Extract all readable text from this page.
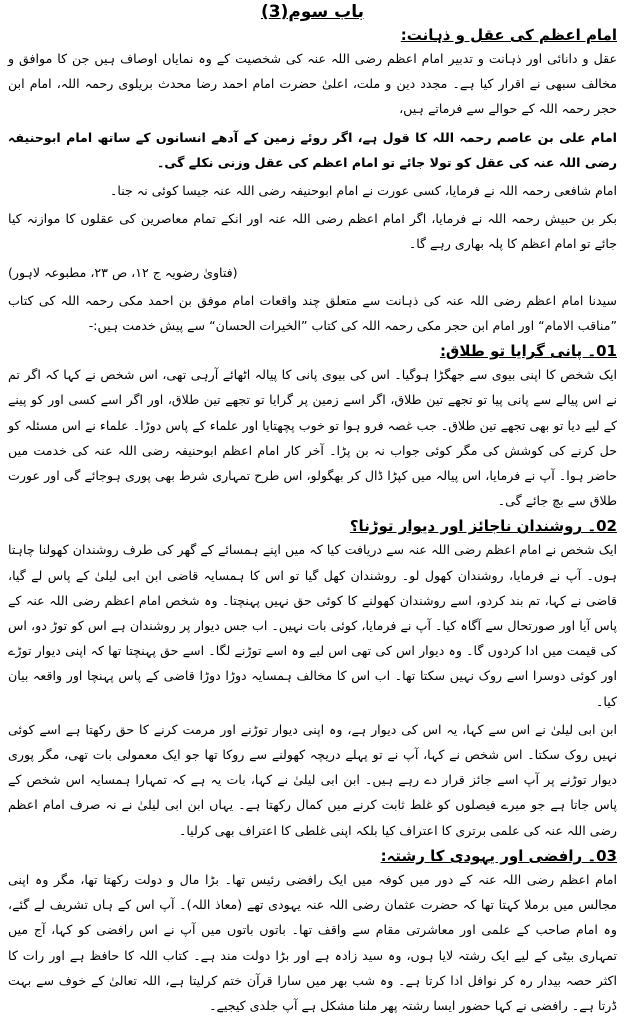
باب سوم(3)
امام اعظم کی عقل و ذہانت:

عقل و دانائی اور ذہانت و تدبیر امام اعظم رضی اللہ عنہ کی شخصیت کے وہ نمایاں اوصاف ہیں جن کا موافق و مخالف سبھی نے اقرار کیا ہے۔ مجدد دین و ملت، اعلیٰ حضرت امام احمد رضا محدث بریلوی رحمہ اللہ، امام ابن حجر رحمہ اللہ کے حوالے سے فرماتے ہیں،

امام علی بن عاصم رحمہ اللہ کا قول ہے، اگر روئے زمین کے آدھے انسانوں کے ساتھ امام ابوحنیفہ رضی اللہ عنہ کی عقل کو تولا جائے تو امام اعظم کی عقل وزنی نکلے گی۔

امام شافعی رحمہ اللہ نے فرمایا، کسی عورت نے امام ابوحنیفہ رضی اللہ عنہ جیسا کوئی نہ جنا۔

بکر بن حبیش رحمہ اللہ نے فرمایا، اگر امام اعظم رضی اللہ عنہ اور انکے تمام معاصرین کی عقلوں کا موازنہ کیا جائے تو امام اعظم کا پلہ بھاری رہے گا۔

(فتاویٰ رضویہ ج ۱۲، ص ۲۳، مطبوعہ لاہور)

سیدنا امام اعظم رضی اللہ عنہ کی ذہانت سے متعلق چند واقعات امام موفق بن احمد مکی رحمہ اللہ کی کتاب ”مناقب الامام“ اور امام ابن حجر مکی رحمہ اللہ کی کتاب ”الخیرات الحسان“ سے پیش خدمت ہیں:-

01۔ پانی گرایا تو طلاق:

ایک شخص کا اپنی بیوی سے جھگڑا ہوگیا۔ اس کی بیوی پانی کا پیالہ اٹھائے آرہی تھی، اس شخص نے کہا کہ اگر تم نے اس پیالے سے پانی پیا تو تجھے تین طلاق، اگر اسے زمین پر گرایا تو تجھے تین طلاق، اور اگر اسے کسی اور کو پینے کے لیے دیا تو بھی تجھے تین طلاق۔ جب غصہ فرو ہوا تو خوب پچھتایا اور علماء کے پاس دوڑا۔ علماء نے اس مسئلہ کو حل کرنے کی کوشش کی مگر کوئی جواب نہ بن پڑا۔ آخر کار امام اعظم ابوحنیفہ رضی اللہ عنہ کی خدمت میں حاضر ہوا۔ آپ نے فرمایا، اس پیالہ میں کپڑا ڈال کر بھگولو، اس طرح تمہاری شرط بھی پوری ہوجائے گی اور عورت طلاق سے بچ جائے گی۔

02۔ روشندان ناجائز اور دیوار توڑنا؟

ایک شخص نے امام اعظم رضی اللہ عنہ سے دریافت کیا کہ میں اپنے ہمسائے کے گھر کی طرف روشندان کھولنا چاہتا ہوں۔ آپ نے فرمایا، روشندان کھول لو۔ روشندان کھل گیا تو اس کا ہمسایہ قاضی ابن ابی لیلیٰ کے پاس لے گیا، قاضی نے کہا، تم بند کردو، اسے روشندان کھولنے کا کوئی حق نہیں پہنچتا۔ وہ شخص امام اعظم رضی اللہ عنہ کے پاس آیا اور صورتحال سے آگاہ کیا۔ آپ نے فرمایا، کوئی بات نہیں۔ اب جس دیوار پر روشندان ہے اس کو توڑ دو، اس کی قیمت میں ادا کردوں گا۔ وہ دیوار اس کی تھی اس لیے وہ اسے توڑنے لگا۔ اسے حق پہنچتا تھا کہ اپنی دیوار توڑے اور کوئی دوسرا اسے روک نہیں سکتا تھا۔ اب اس کا مخالف ہمسایہ دوڑا دوڑا قاضی کے پاس پہنچا اور واقعہ بیان کیا۔

ابن ابی لیلیٰ نے اس سے کہا، یہ اس کی دیوار ہے، وہ اپنی دیوار توڑنے اور مرمت کرنے کا حق رکھتا ہے اسے کوئی نہیں روک سکتا۔ اس شخص نے کہا، آپ نے تو پہلے دریچہ کھولنے سے روکا تھا جو ایک معمولی بات تھی، مگر پوری دیوار توڑنے پر آپ اسے جائز قرار دے رہے ہیں۔ ابن ابی لیلیٰ نے کہا، بات یہ ہے کہ تمہارا ہمسایہ اس شخص کے پاس جاتا ہے جو میرے فیصلوں کو غلط ثابت کرنے میں کمال رکھتا ہے۔ یہاں ابن ابی لیلیٰ نے نہ صرف امام اعظم رضی اللہ عنہ کی علمی برتری کا اعتراف کیا بلکہ اپنی غلطی کا اعتراف بھی کرلیا۔

03۔ رافضی اور یہودی کا رشتہ:

امام اعظم رضی اللہ عنہ کے دور میں کوفہ میں ایک رافضی رئیس تھا۔ بڑا مال و دولت رکھتا تھا، مگر وہ اپنی مجالس میں برملا کہتا تھا کہ حضرت عثمان رضی اللہ عنہ یہودی تھے (معاذ اللہ)۔ آپ اس کے ہاں تشریف لے گئے، وہ امام صاحب کے علمی اور معاشرتی مقام سے واقف تھا۔ باتوں باتوں میں آپ نے اس رافضی کو کہا، آج میں تمہاری بیٹی کے لیے ایک رشتہ لایا ہوں، وہ سید زادہ ہے اور بڑا دولت مند ہے۔ کتاب اللہ کا حافظ ہے اور رات کا اکثر حصہ بیدار رہ کر نوافل ادا کرتا ہے۔ وہ شب بھر میں سارا قرآن ختم کرلیتا ہے، اللہ تعالیٰ کے خوف سے بہت ڈرتا ہے۔ رافضی نے کہا حضور ایسا رشتہ پھر ملنا مشکل ہے آپ جلدی کیجیے۔
